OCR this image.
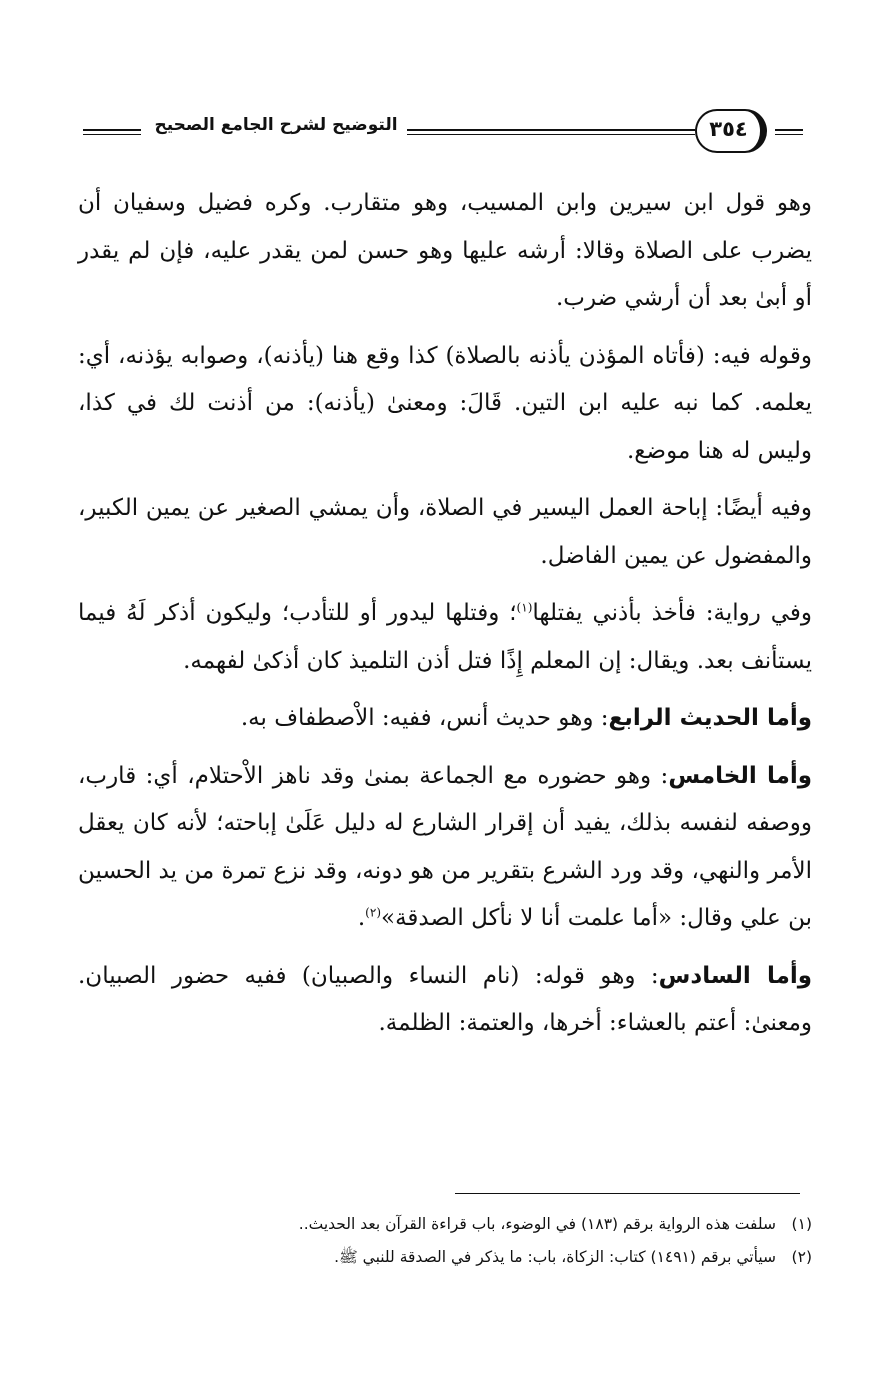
التوضيح لشرح الجامع الصحيح	٣٥٤

وهو قول ابن سيرين وابن المسيب، وهو متقارب. وكره فضيل وسفيان أن يضرب على الصلاة وقالا: أرشه عليها وهو حسن لمن يقدر عليه، فإن لم يقدر أو أبىٰ بعد أن أرشي ضرب.

وقوله فيه: (فأتاه المؤذن يأذنه بالصلاة) كذا وقع هنا (يأذنه)، وصوابه يؤذنه، أي: يعلمه. كما نبه عليه ابن التين. قَالَ: ومعنىٰ (يأذنه): من أذنت لك في كذا، وليس له هنا موضع.

وفيه أيضًا: إباحة العمل اليسير في الصلاة، وأن يمشي الصغير عن يمين الكبير، والمفضول عن يمين الفاضل.

وفي رواية: فأخذ بأذني يفتلها$^{(١)}$؛ وفتلها ليدور أو للتأدب؛ وليكون أذكر لَهُ فيما يستأنف بعد. ويقال: إن المعلم إِذًا فتل أذن التلميذ كان أذكىٰ لفهمه.

وأما الحديث الرابع: وهو حديث أنس، ففيه: الاْصطفاف به.

وأما الخامس: وهو حضوره مع الجماعة بمنىٰ وقد ناهز الاْحتلام، أي: قارب، ووصفه لنفسه بذلك، يفيد أن إقرار الشارع له دليل عَلَىٰ إباحته؛ لأنه كان يعقل الأمر والنهي، وقد ورد الشرع بتقرير من هو دونه، وقد نزع تمرة من يد الحسين بن علي وقال: «أما علمت أنا لا نأكل الصدقة»$^{(٢)}$.

وأما السادس: وهو قوله: (نام النساء والصبيان) ففيه حضور الصبيان. ومعنىٰ: أعتم بالعشاء: أخرها، والعتمة: الظلمة.

(١)سلفت هذه الرواية برقم (١٨٣) في الوضوء، باب قراءة القرآن بعد الحديث..
(٢)سيأتي برقم (١٤٩١) كتاب: الزكاة، باب: ما يذكر في الصدقة للنبي ﷺ.
